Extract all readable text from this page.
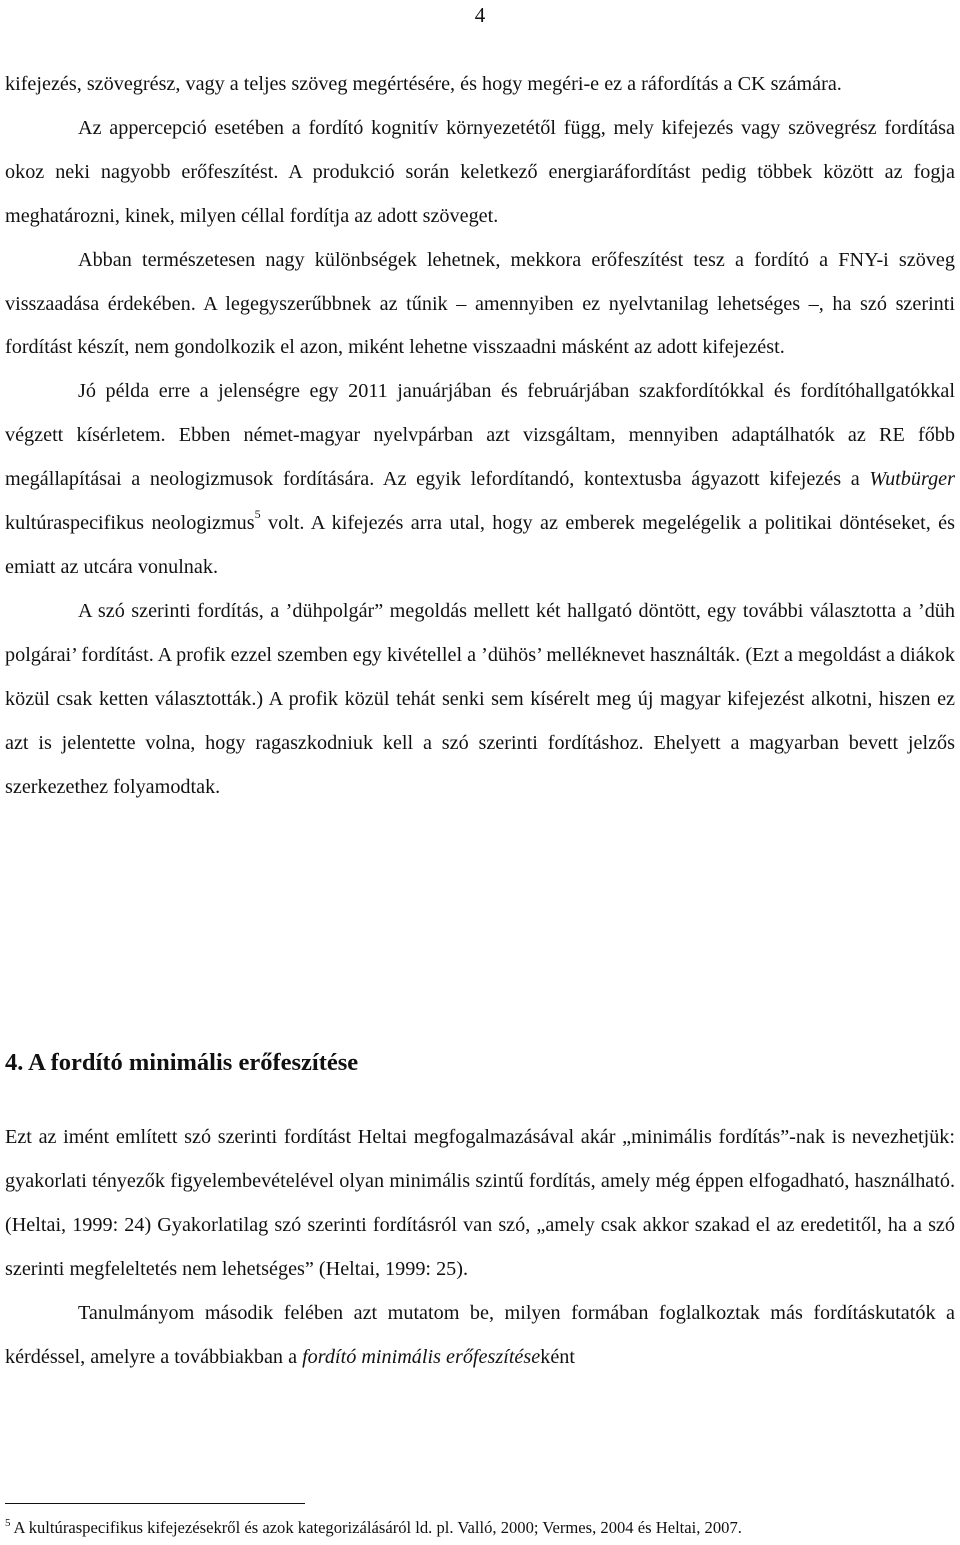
4

kifejezés, szövegrész, vagy a teljes szöveg megértésére, és hogy megéri-e ez a ráfordítás a CK számára.

Az appercepció esetében a fordító kognitív környezetétől függ, mely kifejezés vagy szövegrész fordítása okoz neki nagyobb erőfeszítést. A produkció során keletkező energiaráfordítást pedig többek között az fogja meghatározni, kinek, milyen céllal fordítja az adott szöveget.

Abban természetesen nagy különbségek lehetnek, mekkora erőfeszítést tesz a fordító a FNY-i szöveg visszaadása érdekében. A legegyszerűbbnek az tűnik – amennyiben ez nyelvtanilag lehetséges –, ha szó szerinti fordítást készít, nem gondolkozik el azon, miként lehetne visszaadni másként az adott kifejezést.

Jó példa erre a jelenségre egy 2011 januárjában és februárjában szakfordítókkal és fordítóhallgatókkal végzett kísérletem. Ebben német-magyar nyelvpárban azt vizsgáltam, mennyiben adaptálhatók az RE főbb megállapításai a neologizmusok fordítására. Az egyik lefordítandó, kontextusba ágyazott kifejezés a Wutbürger kultúraspecifikus neologizmus$^5$ volt. A kifejezés arra utal, hogy az emberek megelégelik a politikai döntéseket, és emiatt az utcára vonulnak.

A szó szerinti fordítás, a ’dühpolgár” megoldás mellett két hallgató döntött, egy további választotta a ’düh polgárai’ fordítást. A profik ezzel szemben egy kivétellel a ’dühös’ melléknevet használták. (Ezt a megoldást a diákok közül csak ketten választották.) A profik közül tehát senki sem kísérelt meg új magyar kifejezést alkotni, hiszen ez azt is jelentette volna, hogy ragaszkodniuk kell a szó szerinti fordításhoz. Ehelyett a magyarban bevett jelzős szerkezethez folyamodtak.

4. A fordító minimális erőfeszítése

Ezt az imént említett szó szerinti fordítást Heltai megfogalmazásával akár „minimális fordítás”-nak is nevezhetjük: gyakorlati tényezők figyelembevételével olyan minimális szintű fordítás, amely még éppen elfogadható, használható. (Heltai, 1999: 24) Gyakorlatilag szó szerinti fordításról van szó, „amely csak akkor szakad el az eredetitől, ha a szó szerinti megfeleltetés nem lehetséges” (Heltai, 1999: 25).

Tanulmányom második felében azt mutatom be, milyen formában foglalkoztak más fordításkutatók a kérdéssel, amelyre a továbbiakban a fordító minimális erőfeszítéseként

$^5$ A kultúraspecifikus kifejezésekről és azok kategorizálásáról ld. pl. Valló, 2000; Vermes, 2004 és Heltai, 2007.
